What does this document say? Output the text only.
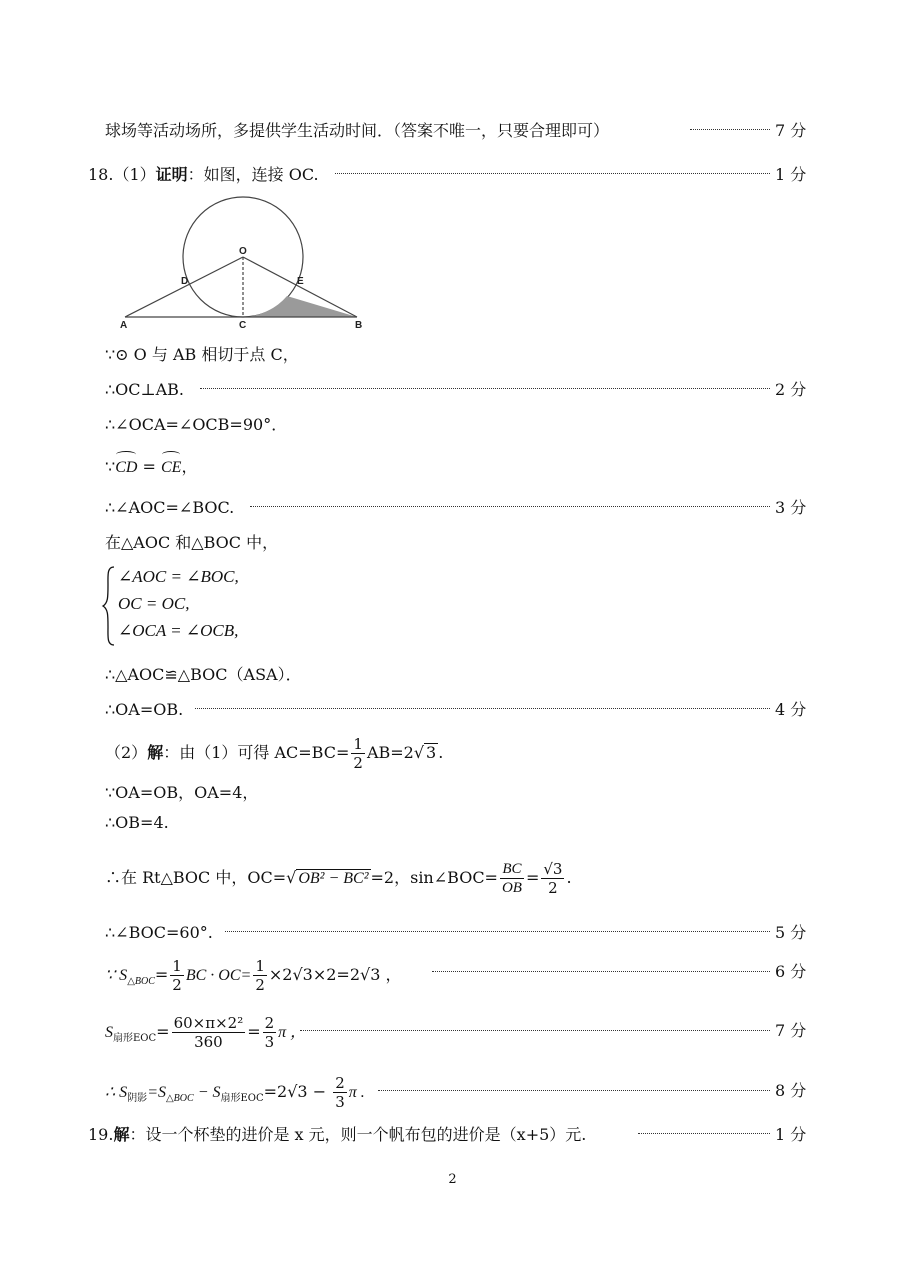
球场等活动场所，多提供学生活动时间．（答案不唯一，只要合理即可）	7 分
18.（1）证明：如图，连接 OC.	1 分
O
D	E
A	C	B
∵⊙ O 与 AB 相切于点 C，
∴OC⊥AB.	2 分
∴∠OCA=∠OCB=90°．
∵CD = CE，
∴∠AOC=∠BOC.	3 分
在△AOC 和△BOC 中，
∠AOC = ∠BOC,
OC = OC,
∠OCA = ∠OCB,
∴△AOC≌△BOC（ASA）．
∴OA=OB.	4 分
（2）解：由（1）可得 $AC=BC= \frac{1}{2} AB=2√$ 3 .
∵OA=OB，OA=4，
∴OB=4.
∴在 Rt△BOC 中，OC=√ OB² − BC² =2，sin∠BOC= $\frac{BC}{OB} = \frac{√3}{2}$ .
∴∠BOC=60°.	5 分
∵ $S_{\triangle BOC}= \frac{1}{2}$ BC · $OC= \frac{1}{2} \times 2√3\times 2=2√3$ ，	6 分
$S_{扇形EOC}= \frac{\text{60×π×2²}}{360} = \frac{2}{3}$ π ，	7 分
∴ $S_{阴影}=S_{\triangle BOC} - S_{扇形EOC}=2√3 - \frac{2}{3}$ π .	8 分
19.解：设一个杯垫的进价是 x 元，则一个帆布包的进价是（x+5）元.	1 分
2
